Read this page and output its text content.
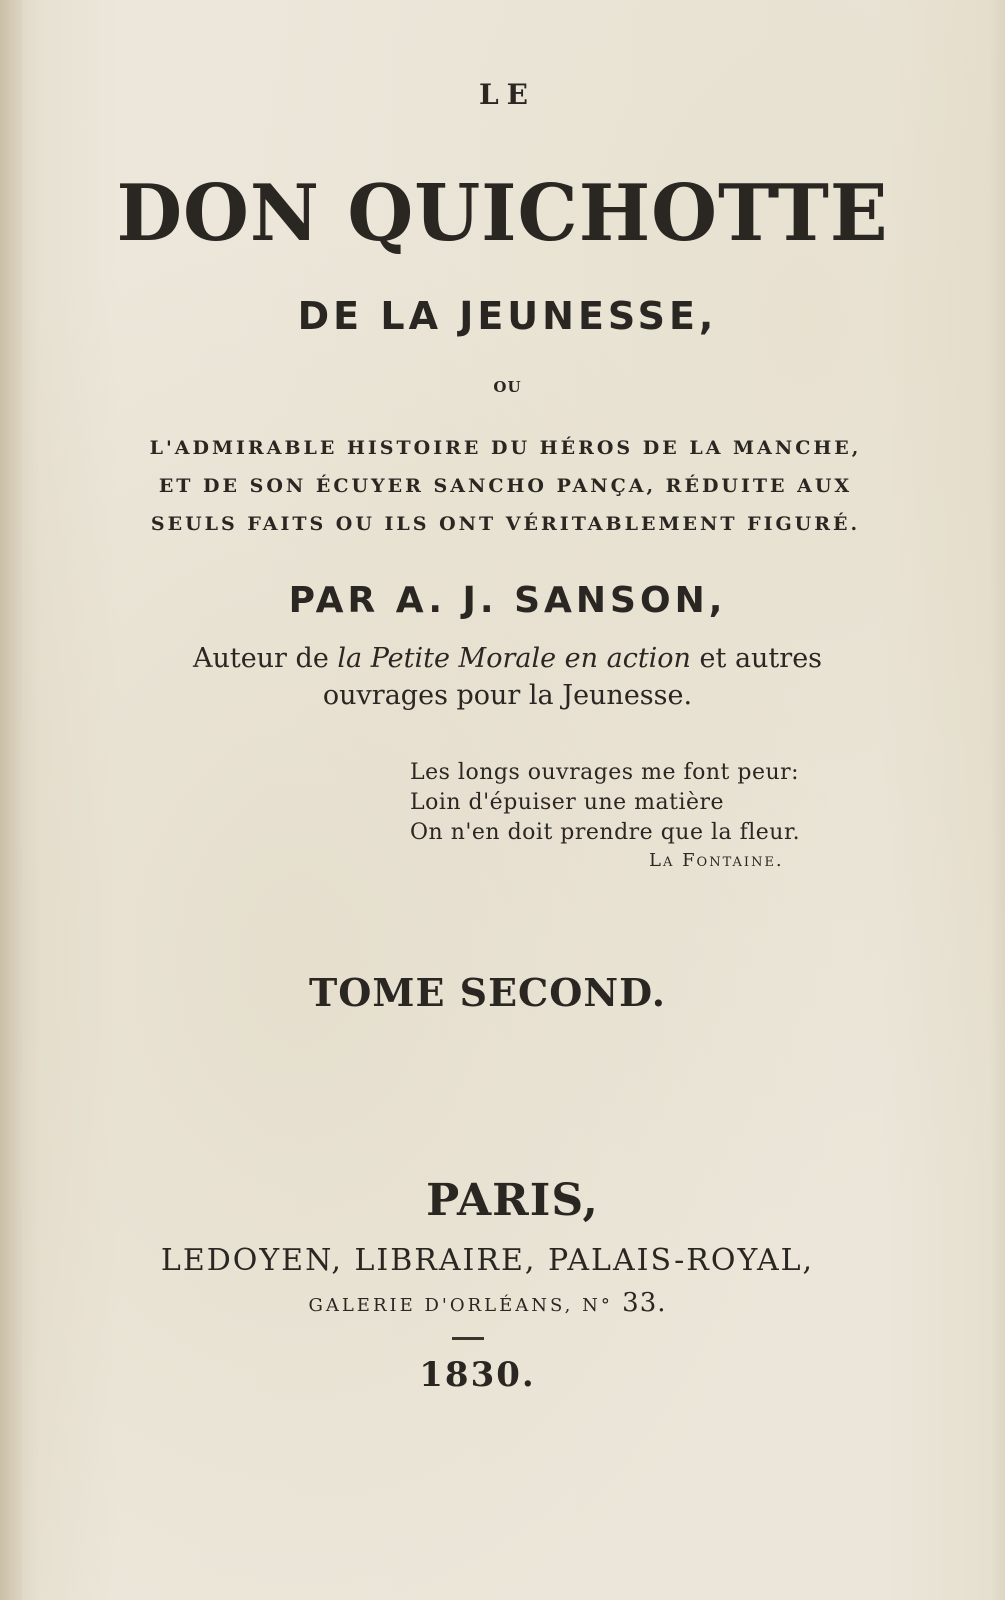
LE
DON QUICHOTTE
DE LA JEUNESSE,
OU
L'ADMIRABLE HISTOIRE DU HÉROS DE LA MANCHE,
ET DE SON ÉCUYER SANCHO PANÇA, RÉDUITE AUX
SEULS FAITS OU ILS ONT VÉRITABLEMENT FIGURÉ.
PAR A. J. SANSON,
Auteur de la Petite Morale en action et autres
ouvrages pour la Jeunesse.
Les longs ouvrages me font peur:
Loin d'épuiser une matière
On n'en doit prendre que la fleur.
La Fontaine.
TOME SECOND.
PARIS,
LEDOYEN, LIBRAIRE, PALAIS-ROYAL,
GALERIE D'ORLÉANS, N° 33.
1830.
